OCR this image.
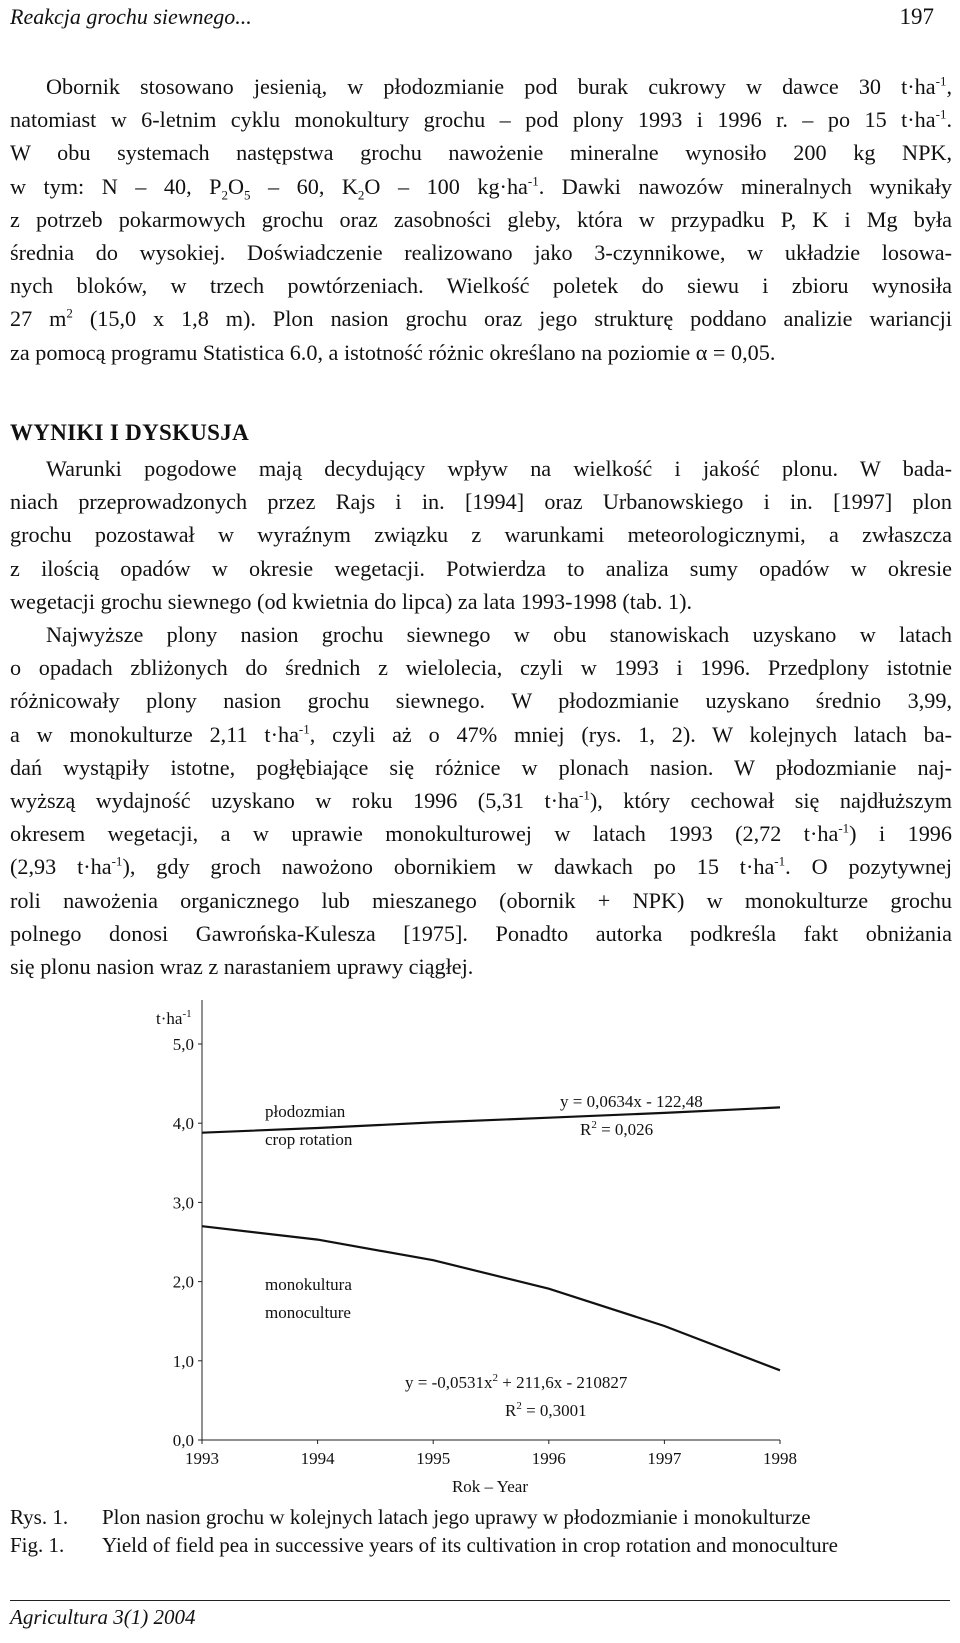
Reakcja grochu siewnego...	197
Obornik stosowano jesienią, w płodozmianie pod burak cukrowy w dawce 30 $t\cdot ha^{-1}$,
natomiast w 6-letnim cyklu monokultury grochu – pod plony 1993 i 1996 r. – po 15 $t\cdot ha^{-1}$.
W obu systemach następstwa grochu nawożenie mineralne wynosiło 200 kg NPK,
w tym: N – 40, $P_2O_5 - 60$, $K_2O - 100$ $kg\cdot ha^{-1}$. Dawki nawozów mineralnych wynikały
z potrzeb pokarmowych grochu oraz zasobności gleby, która w przypadku P, K i Mg była
średnia do wysokiej. Doświadczenie realizowano jako 3-czynnikowe, w układzie losowa-
nych bloków, w trzech powtórzeniach. Wielkość poletek do siewu i zbioru wynosiła
27 $m^2$ (15,0 x 1,8 m). Plon nasion grochu oraz jego strukturę poddano analizie wariancji
za pomocą programu Statistica 6.0, a istotność różnic określano na poziomie α = 0,05.
WYNIKI I DYSKUSJA
Warunki pogodowe mają decydujący wpływ na wielkość i jakość plonu. W bada-
niach przeprowadzonych przez Rajs i in. [1994] oraz Urbanowskiego i in. [1997] plon
grochu pozostawał w wyraźnym związku z warunkami meteorologicznymi, a zwłaszcza
z ilością opadów w okresie wegetacji. Potwierdza to analiza sumy opadów w okresie
wegetacji grochu siewnego (od kwietnia do lipca) za lata 1993-1998 (tab. 1).
Najwyższe plony nasion grochu siewnego w obu stanowiskach uzyskano w latach
o opadach zbliżonych do średnich z wielolecia, czyli w 1993 i 1996. Przedplony istotnie
różnicowały plony nasion grochu siewnego. W płodozmianie uzyskano średnio 3,99,
a w monokulturze 2,11 $t\cdot ha^{-1}$, czyli aż o 47% mniej (rys. 1, 2). W kolejnych latach ba-
dań wystąpiły istotne, pogłębiające się różnice w plonach nasion. W płodozmianie naj-
wyższą wydajność uzyskano w roku 1996 (5,31 $t\cdot ha^{-1}$), który cechował się najdłuższym
okresem wegetacji, a w uprawie monokulturowej w latach 1993 (2,72 $t\cdot ha^{-1}$) i 1996
(2,93 $t\cdot ha^{-1}$), gdy groch nawożono obornikiem w dawkach po 15 $t\cdot ha^{-1}$. O pozytywnej
roli nawożenia organicznego lub mieszanego (obornik + NPK) w monokulturze grochu
polnego donosi Gawrońska-Kulesza [1975]. Ponadto autorka podkreśla fakt obniżania
się plonu nasion wraz z narastaniem uprawy ciągłej.
$t\cdot ha^{-1}$
0,0
1,0
2,0
3,0
4,0
5,0
1993	1994	1995	1996	1997	1998
płodozmian
crop rotation
y = 0,0634x - 122,48
$R^2 = 0,026$
monokultura
monoculture
$y = -0,0531x^2 + 211,6x - 210827$
$R^2 = 0,3001$
Rok – Year
Rys. 1. Plon nasion grochu w kolejnych latach jego uprawy w płodozmianie i monokulturze
Fig. 1. Yield of field pea in successive years of its cultivation in crop rotation and monoculture
Agricultura 3(1) 2004
